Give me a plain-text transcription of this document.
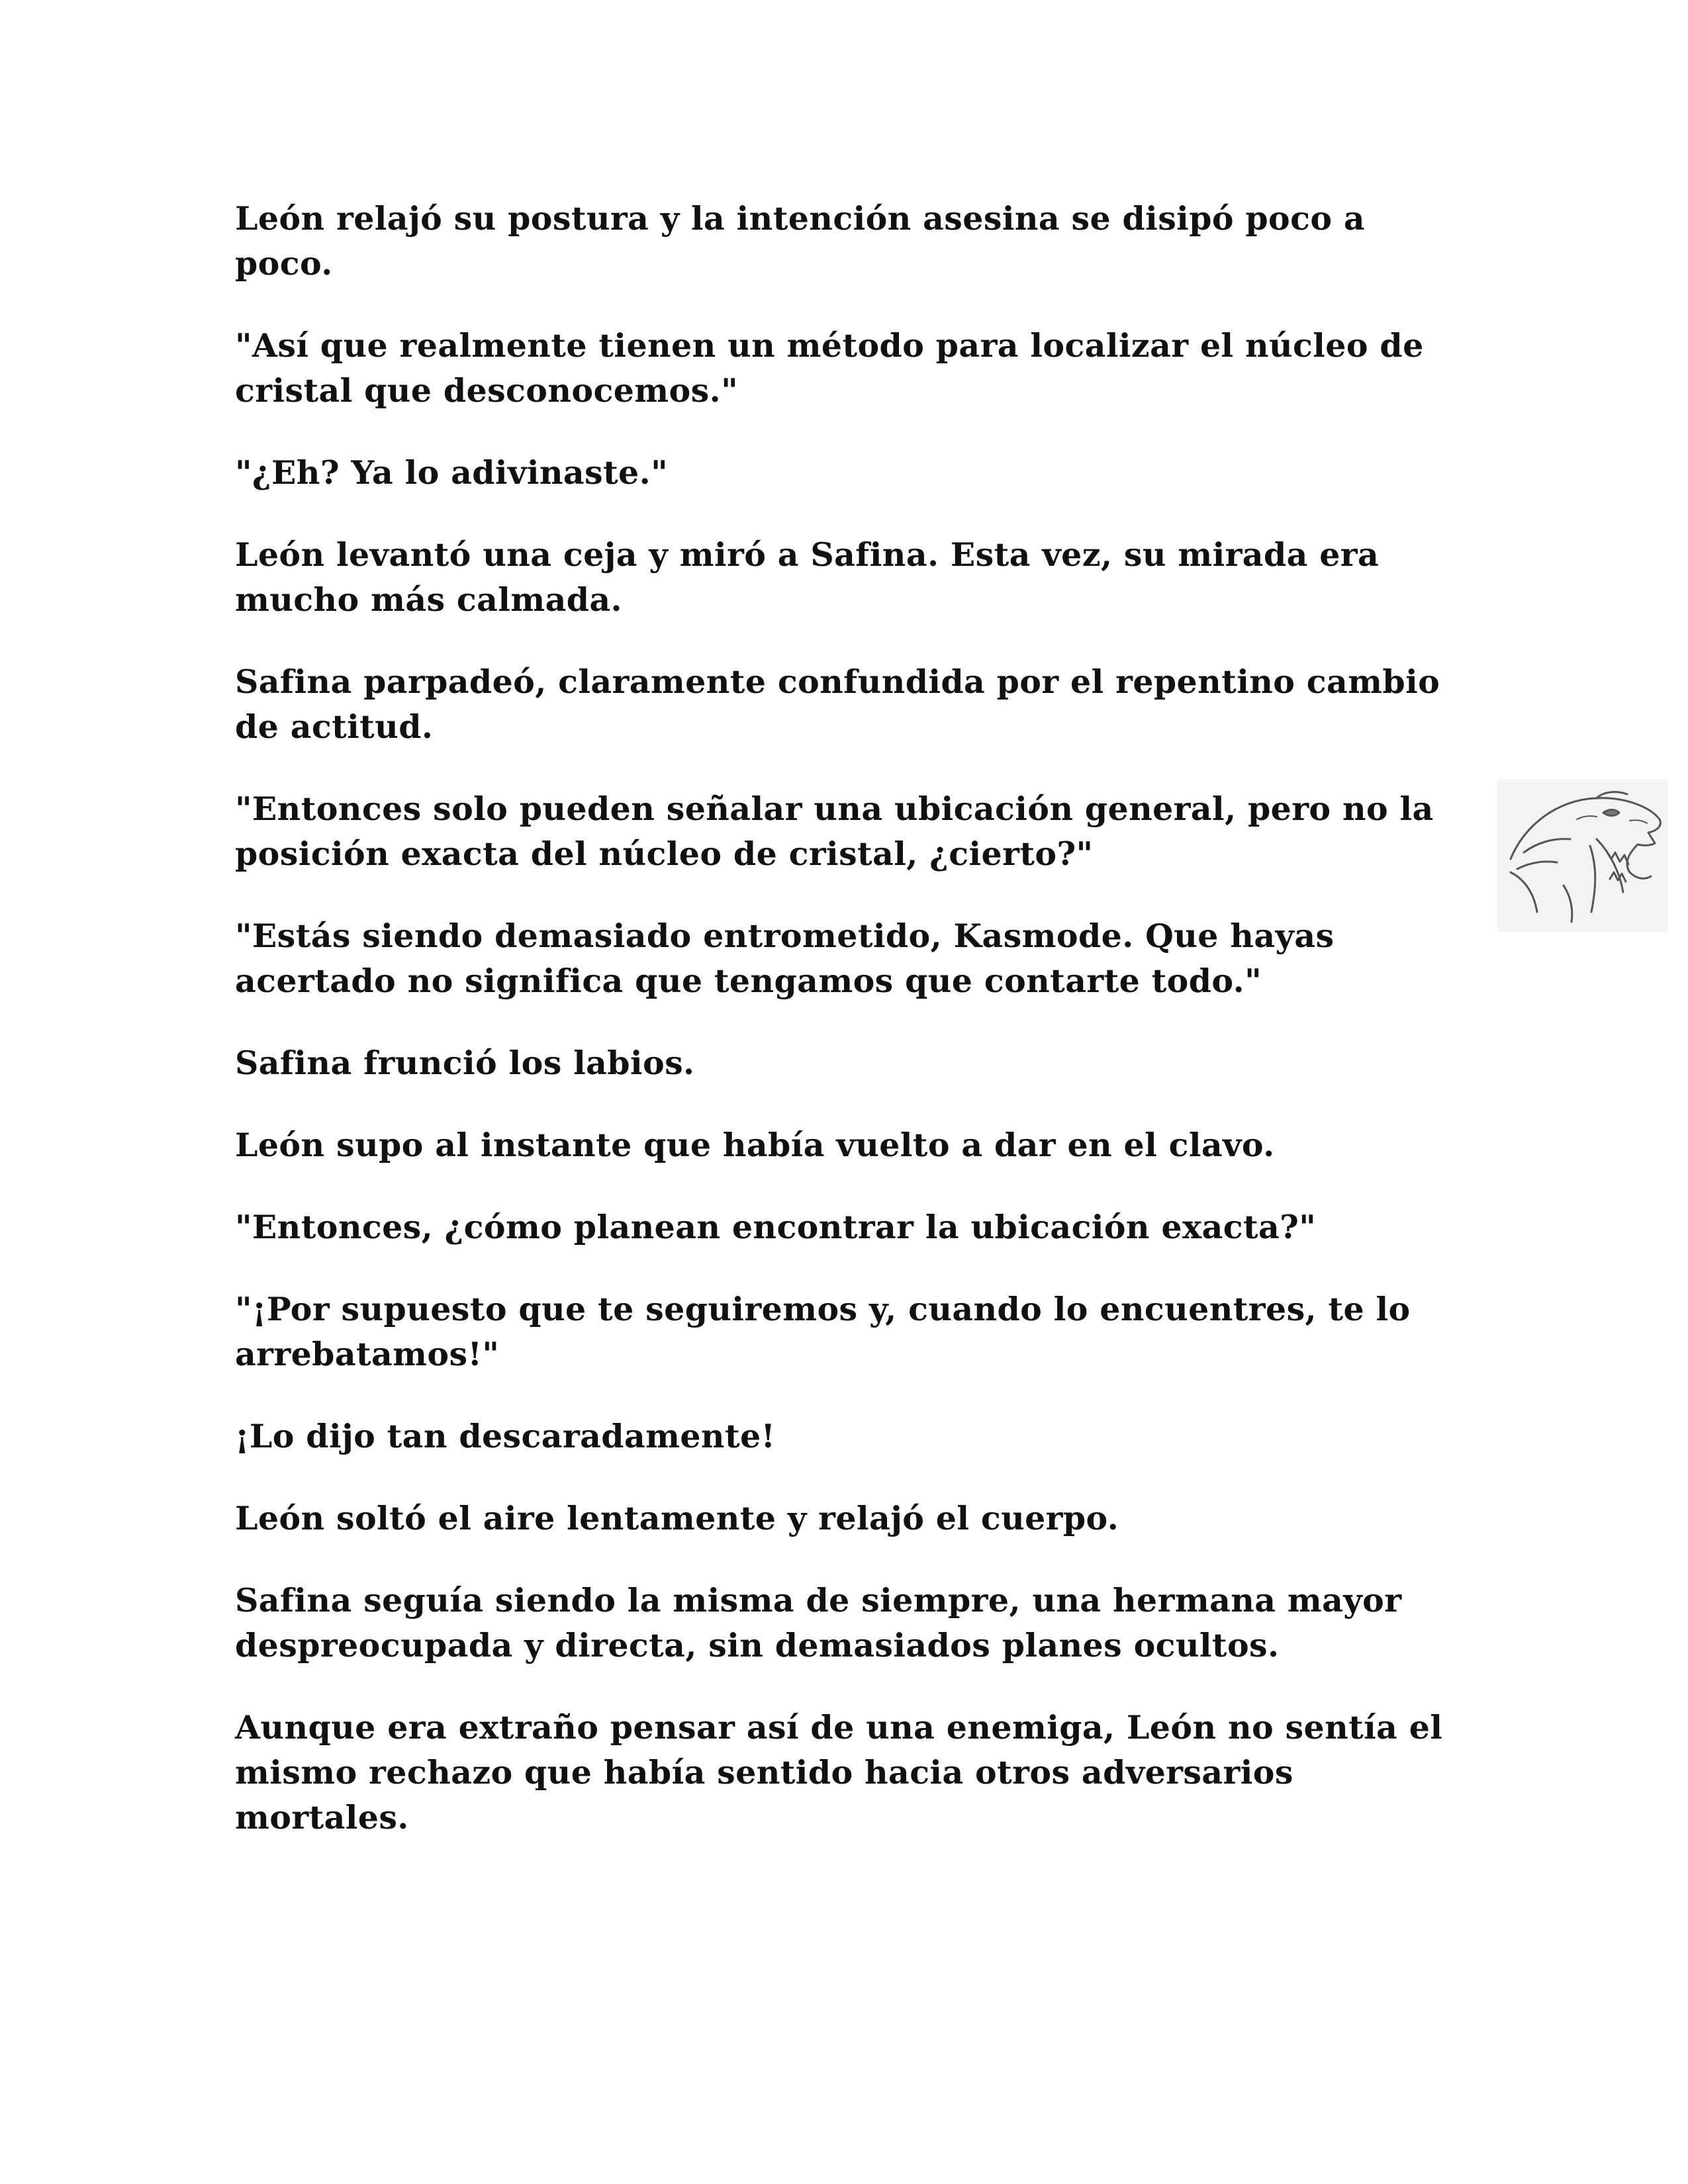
León relajó su postura y la intención asesina se disipó poco a poco.

"Así que realmente tienen un método para localizar el núcleo de cristal que desconocemos."

"¿Eh? Ya lo adivinaste."

León levantó una ceja y miró a Safina. Esta vez, su mirada era mucho más calmada.

Safina parpadeó, claramente confundida por el repentino cambio de actitud.

"Entonces solo pueden señalar una ubicación general, pero no la posición exacta del núcleo de cristal, ¿cierto?"

"Estás siendo demasiado entrometido, Kasmode. Que hayas acertado no significa que tengamos que contarte todo."

Safina frunció los labios.

León supo al instante que había vuelto a dar en el clavo.

"Entonces, ¿cómo planean encontrar la ubicación exacta?"

"¡Por supuesto que te seguiremos y, cuando lo encuentres, te lo arrebatamos!"

¡Lo dijo tan descaradamente!

León soltó el aire lentamente y relajó el cuerpo.

Safina seguía siendo la misma de siempre, una hermana mayor despreocupada y directa, sin demasiados planes ocultos.

Aunque era extraño pensar así de una enemiga, León no sentía el mismo rechazo que había sentido hacia otros adversarios mortales.
